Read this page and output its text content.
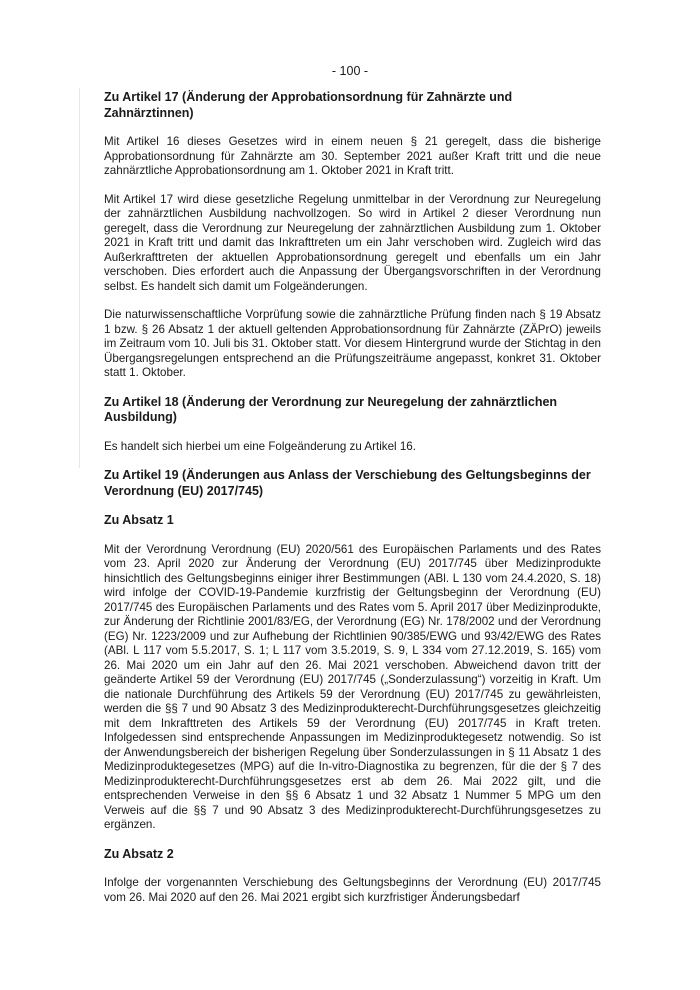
- 100 -
Zu Artikel 17 (Änderung der Approbationsordnung für Zahnärzte und Zahnärztinnen)
Mit Artikel 16 dieses Gesetzes wird in einem neuen § 21 geregelt, dass die bisherige Approbationsordnung für Zahnärzte am 30. September 2021 außer Kraft tritt und die neue zahnärztliche Approbationsordnung am 1. Oktober 2021 in Kraft tritt.
Mit Artikel 17 wird diese gesetzliche Regelung unmittelbar in der Verordnung zur Neuregelung der zahnärztlichen Ausbildung nachvollzogen. So wird in Artikel 2 dieser Verordnung nun geregelt, dass die Verordnung zur Neuregelung der zahnärztlichen Ausbildung zum 1. Oktober 2021 in Kraft tritt und damit das Inkrafttreten um ein Jahr verschoben wird. Zugleich wird das Außerkrafttreten der aktuellen Approbationsordnung geregelt und ebenfalls um ein Jahr verschoben. Dies erfordert auch die Anpassung der Übergangsvorschriften in der Verordnung selbst. Es handelt sich damit um Folgeänderungen.
Die naturwissenschaftliche Vorprüfung sowie die zahnärztliche Prüfung finden nach § 19 Absatz 1 bzw. § 26 Absatz 1 der aktuell geltenden Approbationsordnung für Zahnärzte (ZÄPrO) jeweils im Zeitraum vom 10. Juli bis 31. Oktober statt. Vor diesem Hintergrund wurde der Stichtag in den Übergangsregelungen entsprechend an die Prüfungszeiträume angepasst, konkret 31. Oktober statt 1. Oktober.
Zu Artikel 18 (Änderung der Verordnung zur Neuregelung der zahnärztlichen Ausbildung)
Es handelt sich hierbei um eine Folgeänderung zu Artikel 16.
Zu Artikel 19 (Änderungen aus Anlass der Verschiebung des Geltungsbeginns der Verordnung (EU) 2017/745)
Zu Absatz 1
Mit der Verordnung Verordnung (EU) 2020/561 des Europäischen Parlaments und des Rates vom 23. April 2020 zur Änderung der Verordnung (EU) 2017/745 über Medizinprodukte hinsichtlich des Geltungsbeginns einiger ihrer Bestimmungen (ABl. L 130 vom 24.4.2020, S. 18) wird infolge der COVID-19-Pandemie kurzfristig der Geltungsbeginn der Verordnung (EU) 2017/745 des Europäischen Parlaments und des Rates vom 5. April 2017 über Medizinprodukte, zur Änderung der Richtlinie 2001/83/EG, der Verordnung (EG) Nr. 178/2002 und der Verordnung (EG) Nr. 1223/2009 und zur Aufhebung der Richtlinien 90/385/EWG und 93/42/EWG des Rates (ABl. L 117 vom 5.5.2017, S. 1; L 117 vom 3.5.2019, S. 9, L 334 vom 27.12.2019, S. 165) vom 26. Mai 2020 um ein Jahr auf den 26. Mai 2021 verschoben. Abweichend davon tritt der geänderte Artikel 59 der Verordnung (EU) 2017/745 („Sonderzulassung“) vorzeitig in Kraft. Um die nationale Durchführung des Artikels 59 der Verordnung (EU) 2017/745 zu gewährleisten, werden die §§ 7 und 90 Absatz 3 des Medizinprodukterecht-Durchführungsgesetzes gleichzeitig mit dem Inkrafttreten des Artikels 59 der Verordnung (EU) 2017/745 in Kraft treten. Infolgedessen sind entsprechende Anpassungen im Medizinproduktegesetz notwendig. So ist der Anwendungsbereich der bisherigen Regelung über Sonderzulassungen in § 11 Absatz 1 des Medizinproduktegesetzes (MPG) auf die In-vitro-Diagnostika zu begrenzen, für die der § 7 des Medizinprodukterecht-Durchführungsgesetzes erst ab dem 26. Mai 2022 gilt, und die entsprechenden Verweise in den §§ 6 Absatz 1 und 32 Absatz 1 Nummer 5 MPG um den Verweis auf die §§ 7 und 90 Absatz 3 des Medizinprodukterecht-Durchführungsgesetzes zu ergänzen.
Zu Absatz 2
Infolge der vorgenannten Verschiebung des Geltungsbeginns der Verordnung (EU) 2017/745 vom 26. Mai 2020 auf den 26. Mai 2021 ergibt sich kurzfristiger Änderungsbedarf
